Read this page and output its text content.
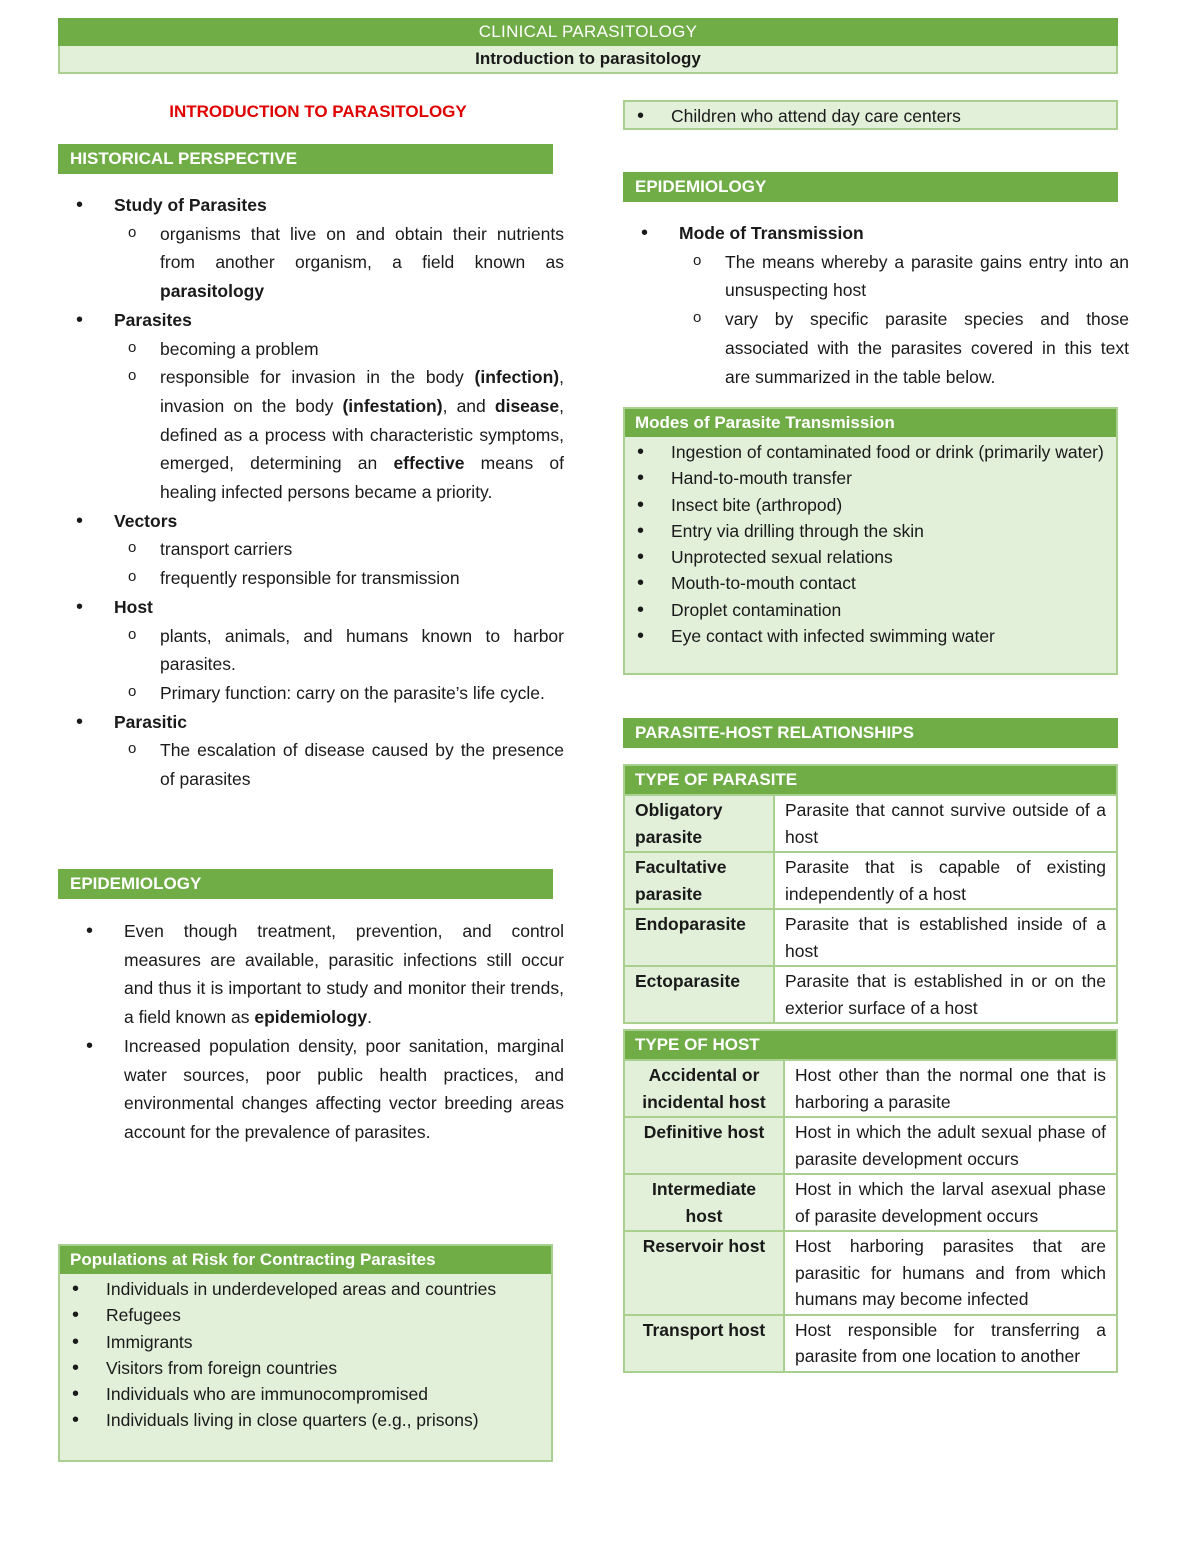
CLINICAL PARASITOLOGY
Introduction to parasitology
INTRODUCTION TO PARASITOLOGY
HISTORICAL PERSPECTIVE
• Study of Parasites
o organisms that live on and obtain their nutrients from another organism, a field known as parasitology
• Parasites
o becoming a problem
o responsible for invasion in the body (infection), invasion on the body (infestation), and disease, defined as a process with characteristic symptoms, emerged, determining an effective means of healing infected persons became a priority.
• Vectors
o transport carriers
o frequently responsible for transmission
• Host
o plants, animals, and humans known to harbor parasites.
o Primary function: carry on the parasite’s life cycle.
• Parasitic
o The escalation of disease caused by the presence of parasites
EPIDEMIOLOGY
• Even though treatment, prevention, and control measures are available, parasitic infections still occur and thus it is important to study and monitor their trends, a field known as epidemiology.
• Increased population density, poor sanitation, marginal water sources, poor public health practices, and environmental changes affecting vector breeding areas account for the prevalence of parasites.
Populations at Risk for Contracting Parasites
• Individuals in underdeveloped areas and countries
• Refugees
• Immigrants
• Visitors from foreign countries
• Individuals who are immunocompromised
• Individuals living in close quarters (e.g., prisons)
• Children who attend day care centers
EPIDEMIOLOGY
• Mode of Transmission
o The means whereby a parasite gains entry into an unsuspecting host
o vary by specific parasite species and those associated with the parasites covered in this text are summarized in the table below.
Modes of Parasite Transmission
• Ingestion of contaminated food or drink (primarily water)
• Hand-to-mouth transfer
• Insect bite (arthropod)
• Entry via drilling through the skin
• Unprotected sexual relations
• Mouth-to-mouth contact
• Droplet contamination
• Eye contact with infected swimming water
PARASITE-HOST RELATIONSHIPS
TYPE OF PARASITE
Obligatory parasite	Parasite that cannot survive outside of a host
Facultative parasite	Parasite that is capable of existing independently of a host
Endoparasite	Parasite that is established inside of a host
Ectoparasite	Parasite that is established in or on the exterior surface of a host
TYPE OF HOST
Accidental or incidental host	Host other than the normal one that is harboring a parasite
Definitive host	Host in which the adult sexual phase of parasite development occurs
Intermediate host	Host in which the larval asexual phase of parasite development occurs
Reservoir host	Host harboring parasites that are parasitic for humans and from which humans may become infected
Transport host	Host responsible for transferring a parasite from one location to another
